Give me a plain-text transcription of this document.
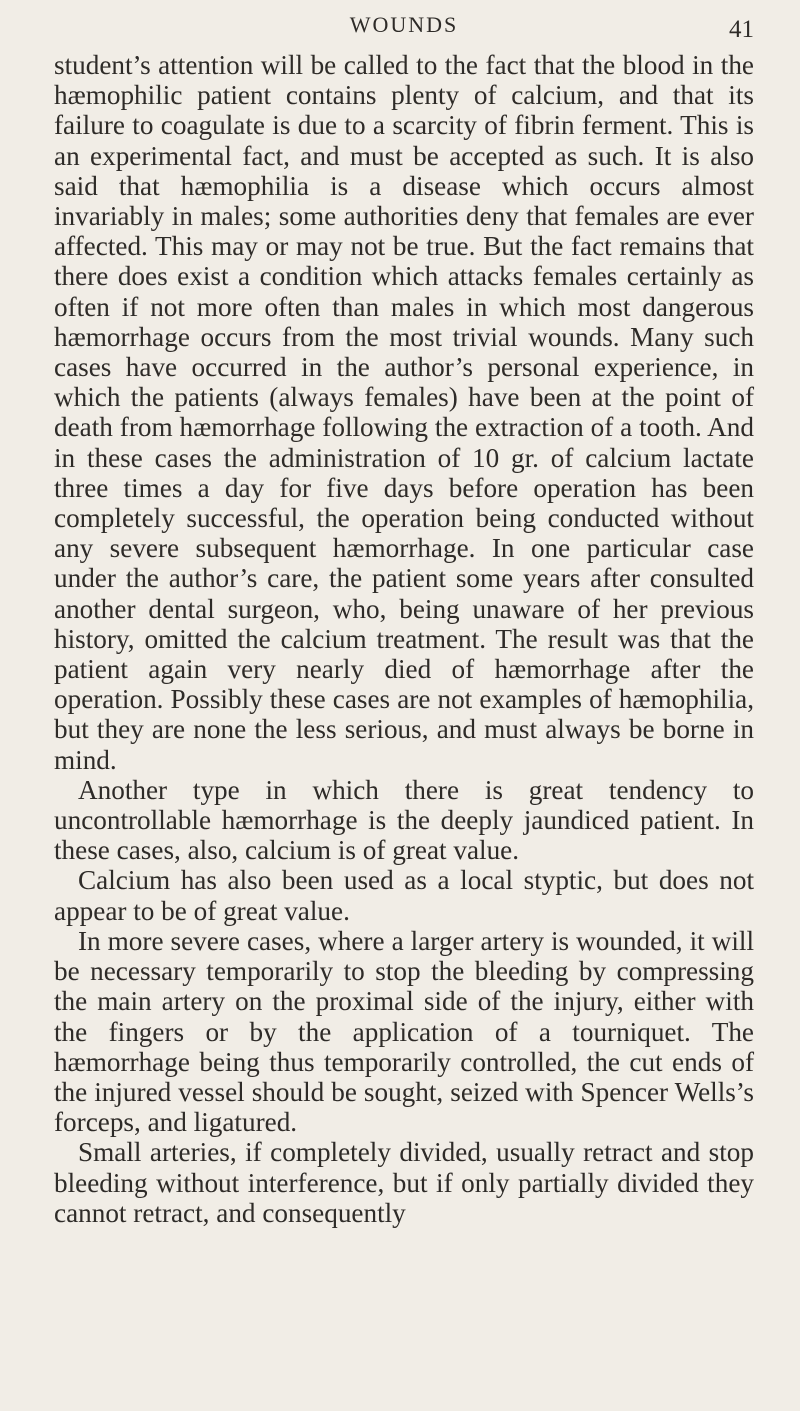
WOUNDS	41

student’s attention will be called to the fact that the blood in the hæmophilic patient contains plenty of calcium, and that its failure to coagulate is due to a scarcity of fibrin ferment. This is an experimental fact, and must be accepted as such. It is also said that hæmophilia is a disease which occurs almost invariably in males; some authorities deny that females are ever affected. This may or may not be true. But the fact remains that there does exist a condition which attacks females certainly as often if not more often than males in which most dangerous hæmorrhage occurs from the most trivial wounds. Many such cases have occurred in the author’s personal experience, in which the patients (always females) have been at the point of death from hæmorrhage following the extraction of a tooth. And in these cases the administration of 10 gr. of calcium lactate three times a day for five days before operation has been completely successful, the operation being conducted without any severe subsequent hæmorrhage. In one particular case under the author’s care, the patient some years after consulted another dental surgeon, who, being unaware of her previous history, omitted the calcium treatment. The result was that the patient again very nearly died of hæmorrhage after the operation. Possibly these cases are not examples of hæmophilia, but they are none the less serious, and must always be borne in mind.

Another type in which there is great tendency to uncontrollable hæmorrhage is the deeply jaundiced patient. In these cases, also, calcium is of great value.

Calcium has also been used as a local styptic, but does not appear to be of great value.

In more severe cases, where a larger artery is wounded, it will be necessary temporarily to stop the bleeding by compressing the main artery on the proximal side of the injury, either with the fingers or by the application of a tourniquet. The hæmorrhage being thus temporarily controlled, the cut ends of the injured vessel should be sought, seized with Spencer Wells’s forceps, and ligatured.

Small arteries, if completely divided, usually retract and stop bleeding without interference, but if only partially divided they cannot retract, and consequently
